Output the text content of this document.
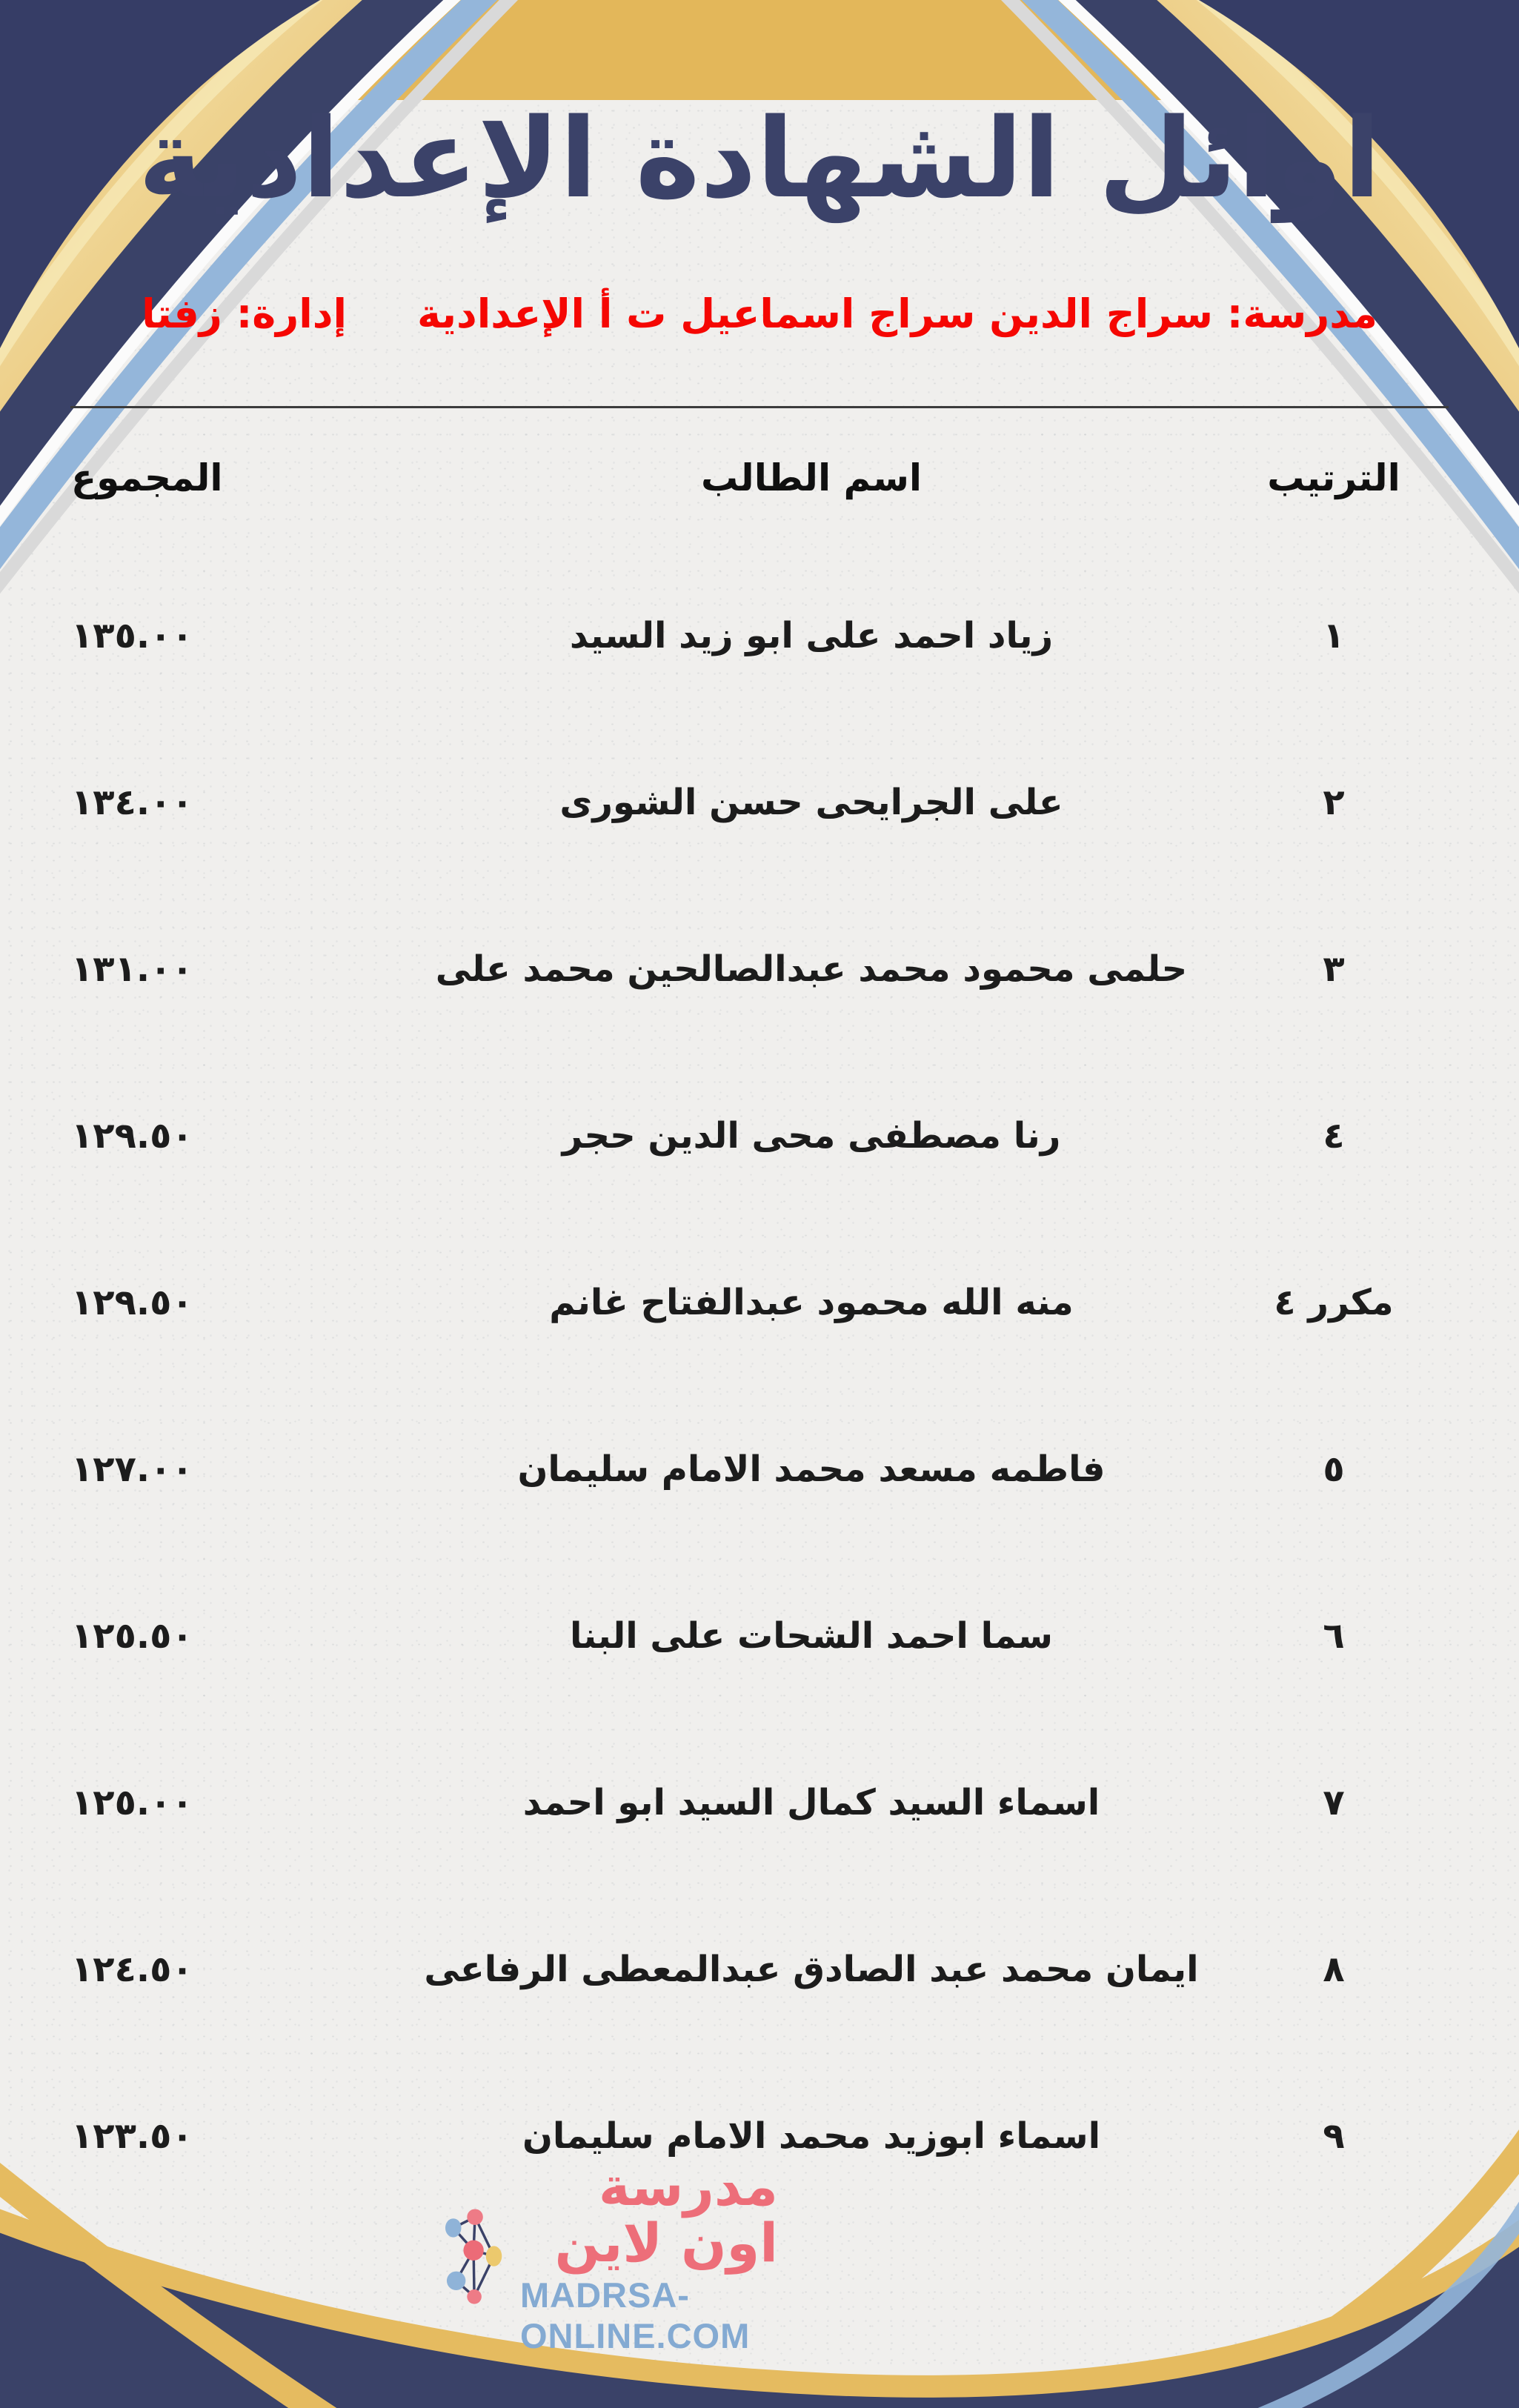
اوائل الشهادة الإعدادية
مدرسة: سراج الدين سراج اسماعيل ت أ الإعدادية
إدارة: زفتا
الترتيب
اسم الطالب
المجموع
١
زياد احمد على ابو زيد السيد
١٣٥.٠٠
٢
على الجرايحى حسن الشورى
١٣٤.٠٠
٣
حلمى محمود محمد عبدالصالحين محمد على
١٣١.٠٠
٤
رنا مصطفى محى الدين حجر
١٢٩.٥٠
مكرر ٤
منه الله محمود عبدالفتاح غانم
١٢٩.٥٠
٥
فاطمه مسعد محمد الامام سليمان
١٢٧.٠٠
٦
سما احمد الشحات على البنا
١٢٥.٥٠
٧
اسماء السيد كمال السيد ابو احمد
١٢٥.٠٠
٨
ايمان محمد عبد الصادق عبدالمعطى الرفاعى
١٢٤.٥٠
٩
اسماء ابوزيد محمد الامام سليمان
١٢٣.٥٠
مدرسة اون لاين
MADRSA-ONLINE.COM
